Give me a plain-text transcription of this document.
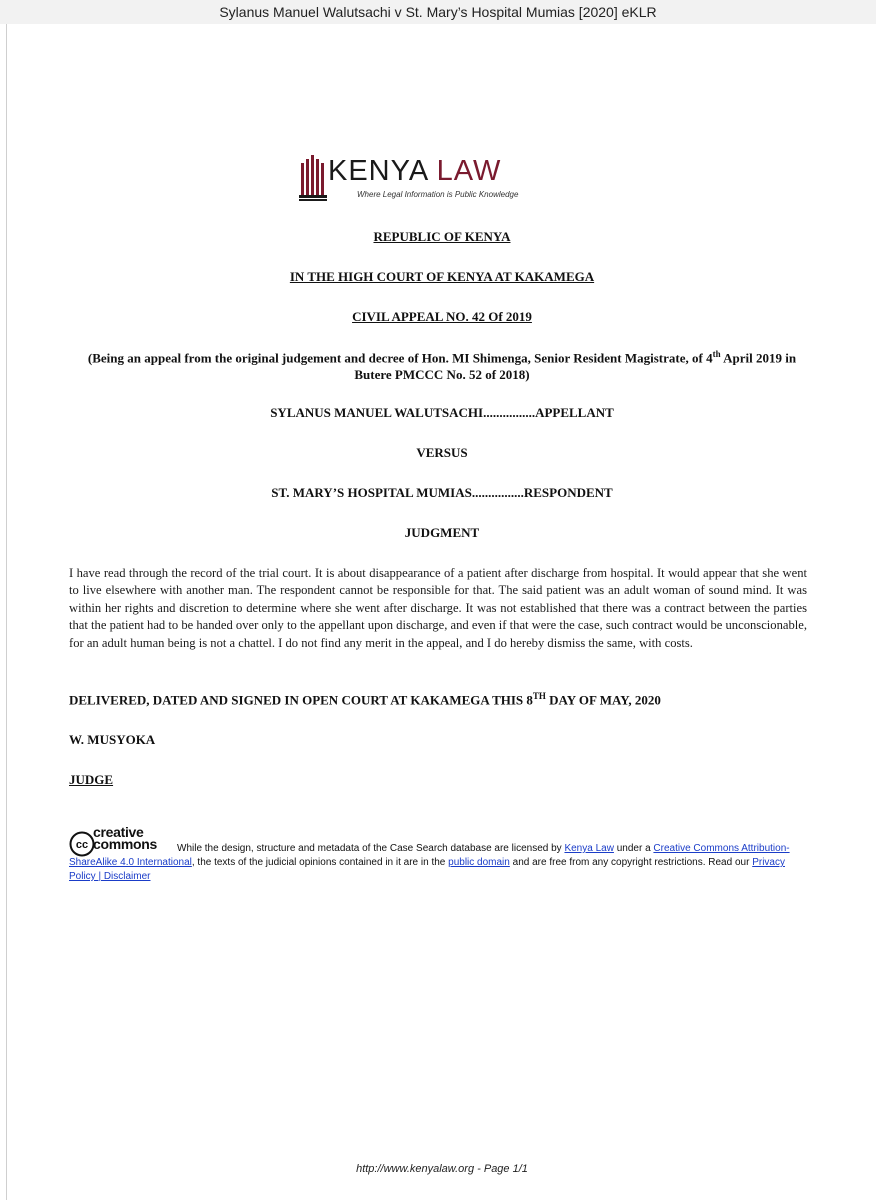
Sylanus Manuel Walutsachi v St. Mary’s Hospital Mumias [2020] eKLR
KENYA LAW
Where Legal Information is Public Knowledge
REPUBLIC OF KENYA
IN THE HIGH COURT OF KENYA AT KAKAMEGA
CIVIL APPEAL NO. 42 Of 2019
(Being an appeal from the original judgement and decree of Hon. MI Shimenga, Senior Resident Magistrate, of 4th April 2019 in Butere PMCCC No. 52 of 2018)
SYLANUS MANUEL WALUTSACHI................APPELLANT
VERSUS
ST. MARY’S HOSPITAL MUMIAS................RESPONDENT
JUDGMENT
I have read through the record of the trial court. It is about disappearance of a patient after discharge from hospital. It would appear that she went to live elsewhere with another man. The respondent cannot be responsible for that. The said patient was an adult woman of sound mind. It was within her rights and discretion to determine where she went after discharge. It was not established that there was a contract between the parties that the patient had to be handed over only to the appellant upon discharge, and even if that were the case, such contract would be unconscionable, for an adult human being is not a chattel. I do not find any merit in the appeal, and I do hereby dismiss the same, with costs.
DELIVERED, DATED AND SIGNED IN OPEN COURT AT KAKAMEGA THIS 8TH DAY OF MAY, 2020
W. MUSYOKA
JUDGE
cc
creative
commons	While the design, structure and metadata of the Case Search database are licensed by Kenya Law under a Creative Commons Attribution-ShareAlike 4.0 International, the texts of the judicial opinions contained in it are in the public domain and are free from any copyright restrictions. Read our Privacy Policy | Disclaimer
http://www.kenyalaw.org - Page 1/1
